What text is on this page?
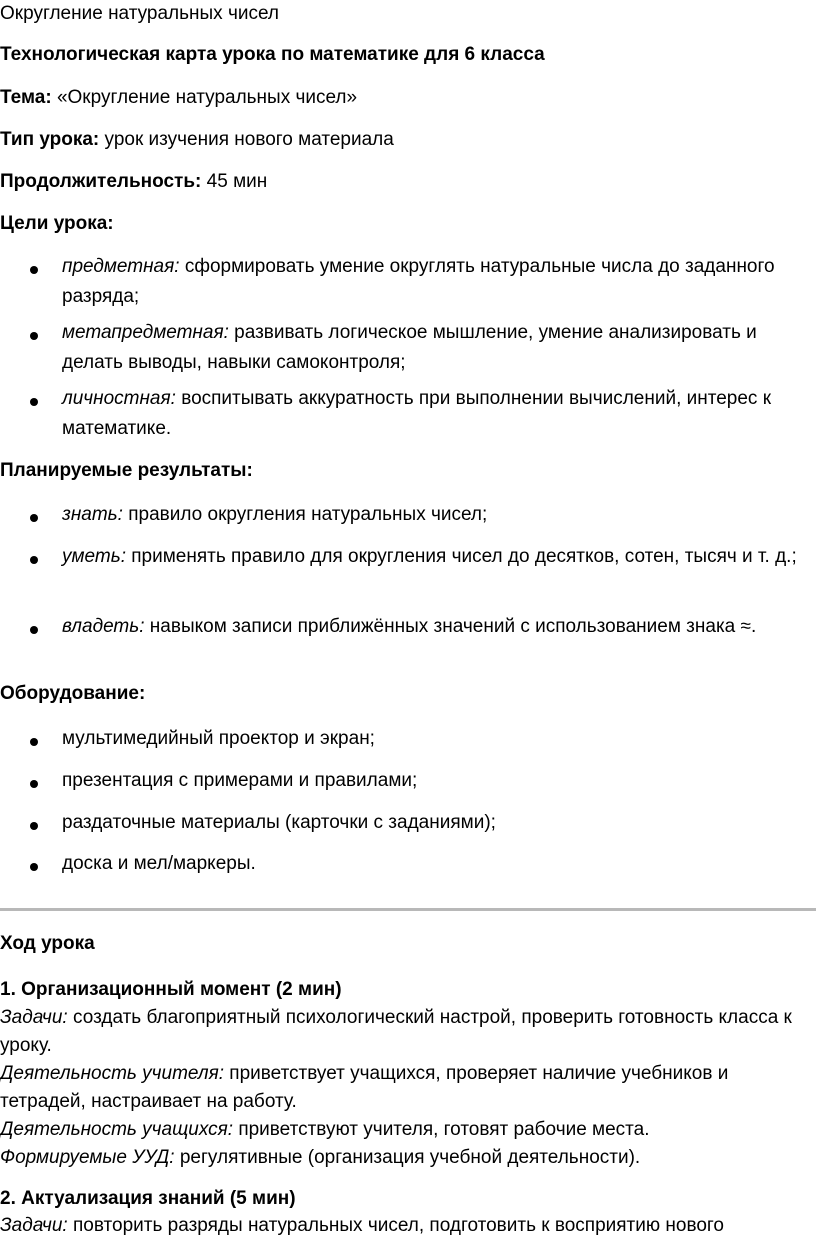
Округление натуральных чисел
Технологическая карта урока по математике для 6 класса
Тема: «Округление натуральных чисел»
Тип урока: урок изучения нового материала
Продолжительность: 45 мин
Цели урока:
предметная: сформировать умение округлять натуральные числа до заданного разряда;
метапредметная: развивать логическое мышление, умение анализировать и делать выводы, навыки самоконтроля;
личностная: воспитывать аккуратность при выполнении вычислений, интерес к математике.
Планируемые результаты:
знать: правило округления натуральных чисел;
уметь: применять правило для округления чисел до десятков, сотен, тысяч и т. д.;
владеть: навыком записи приближённых значений с использованием знака ≈.
Оборудование:
мультимедийный проектор и экран;
презентация с примерами и правилами;
раздаточные материалы (карточки с заданиями);
доска и мел/маркеры.
Ход урока
1. Организационный момент (2 мин)
Задачи: создать благоприятный психологический настрой, проверить готовность класса к уроку.
Деятельность учителя: приветствует учащихся, проверяет наличие учебников и тетрадей, настраивает на работу.
Деятельность учащихся: приветствуют учителя, готовят рабочие места.
Формируемые УУД: регулятивные (организация учебной деятельности).
2. Актуализация знаний (5 мин)
Задачи: повторить разряды натуральных чисел, подготовить к восприятию нового
